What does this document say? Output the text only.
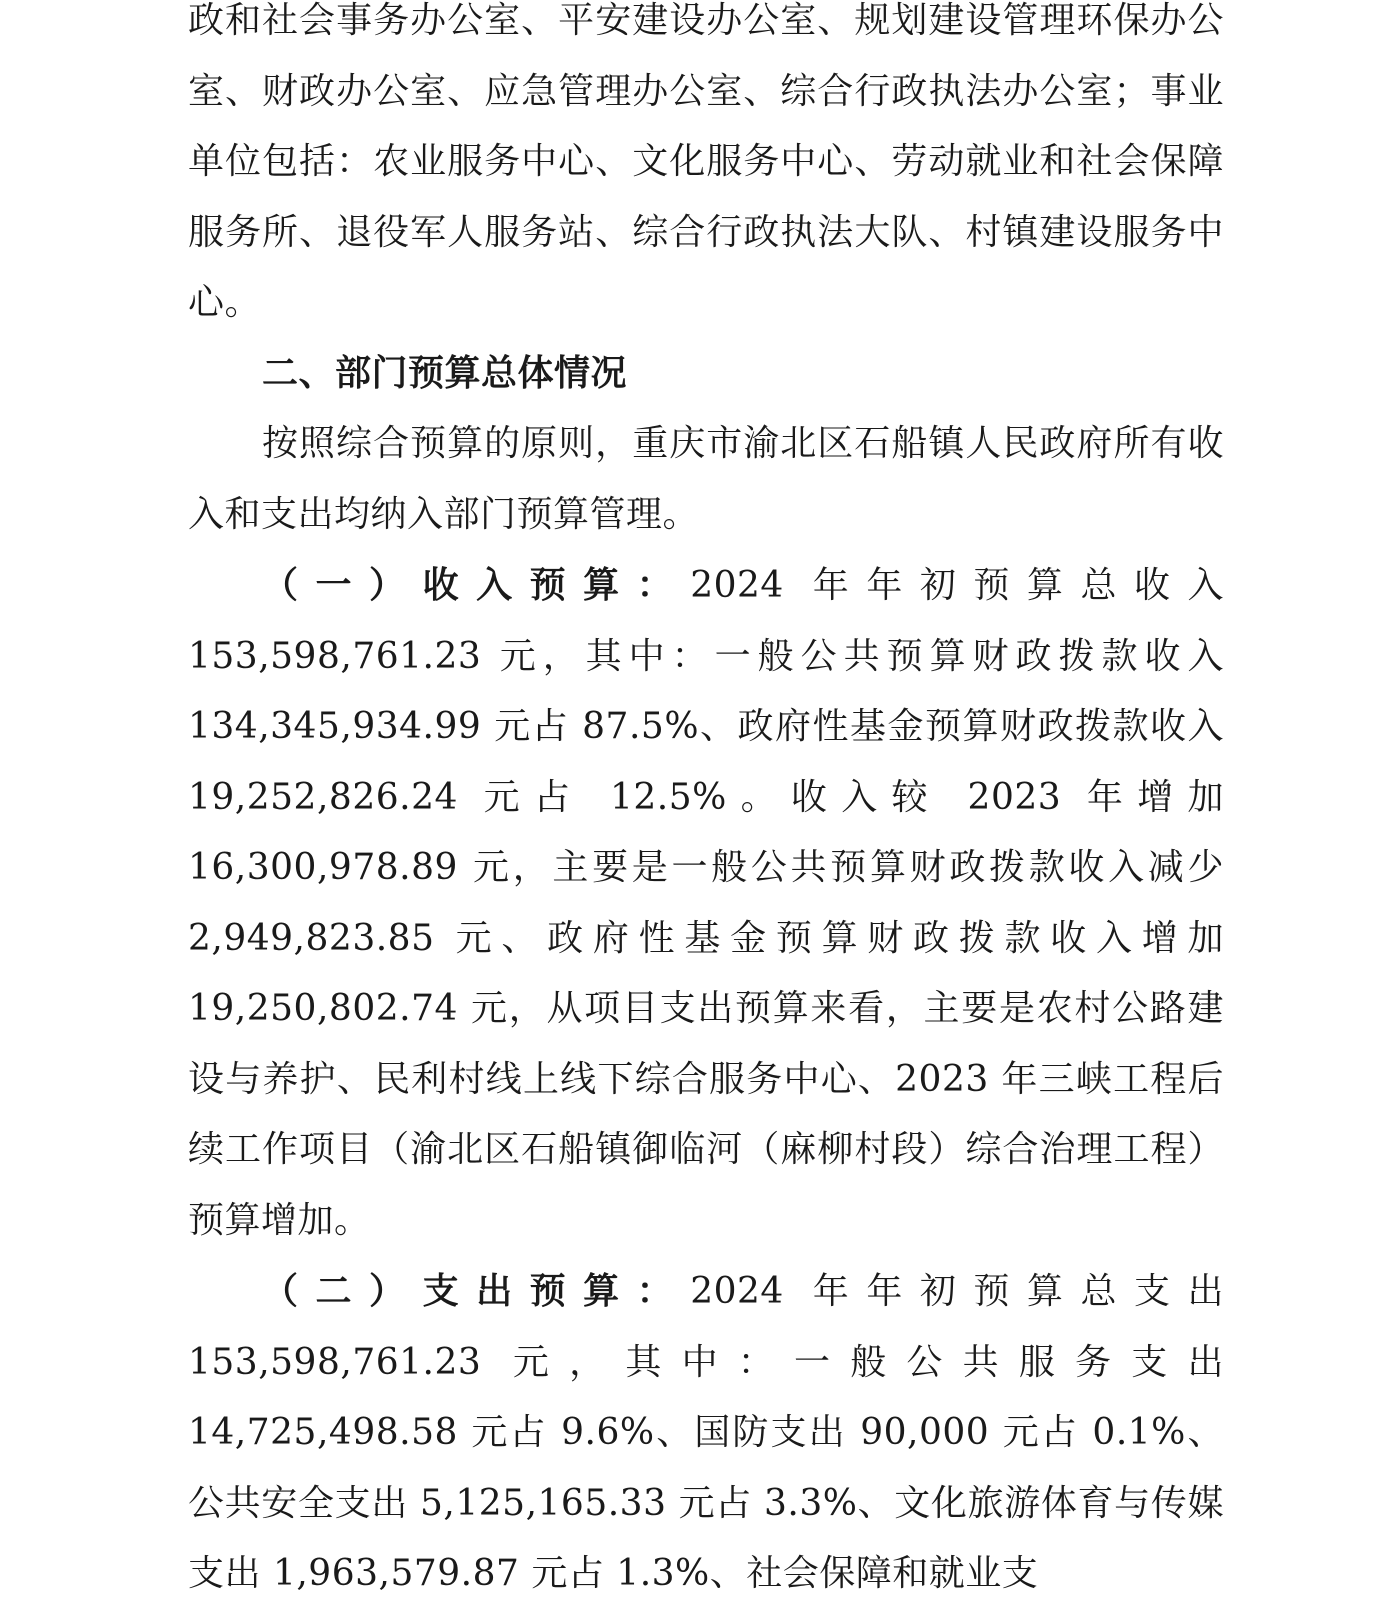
政和社会事务办公室、平安建设办公室、规划建设管理环保办公室、财政办公室、应急管理办公室、综合行政执法办公室；事业单位包括：农业服务中心、文化服务中心、劳动就业和社会保障服务所、退役军人服务站、综合行政执法大队、村镇建设服务中心。

二、部门预算总体情况

按照综合预算的原则，重庆市渝北区石船镇人民政府所有收入和支出均纳入部门预算管理。

（一）收入预算：2024 年年初预算总收入 153,598,761.23 元，其中：一般公共预算财政拨款收入 134,345,934.99 元占 87.5%、政府性基金预算财政拨款收入 19,252,826.24 元占 12.5%。收入较 2023 年增加 16,300,978.89 元，主要是一般公共预算财政拨款收入减少 2,949,823.85 元、政府性基金预算财政拨款收入增加 19,250,802.74 元，从项目支出预算来看，主要是农村公路建设与养护、民利村线上线下综合服务中心、2023 年三峡工程后续工作项目（渝北区石船镇御临河（麻柳村段）综合治理工程）预算增加。

（二）支出预算：2024 年年初预算总支出 153,598,761.23 元，其中：一般公共服务支出 14,725,498.58 元占 9.6%、国防支出 90,000 元占 0.1%、公共安全支出 5,125,165.33 元占 3.3%、文化旅游体育与传媒支出 1,963,579.87 元占 1.3%、社会保障和就业支
